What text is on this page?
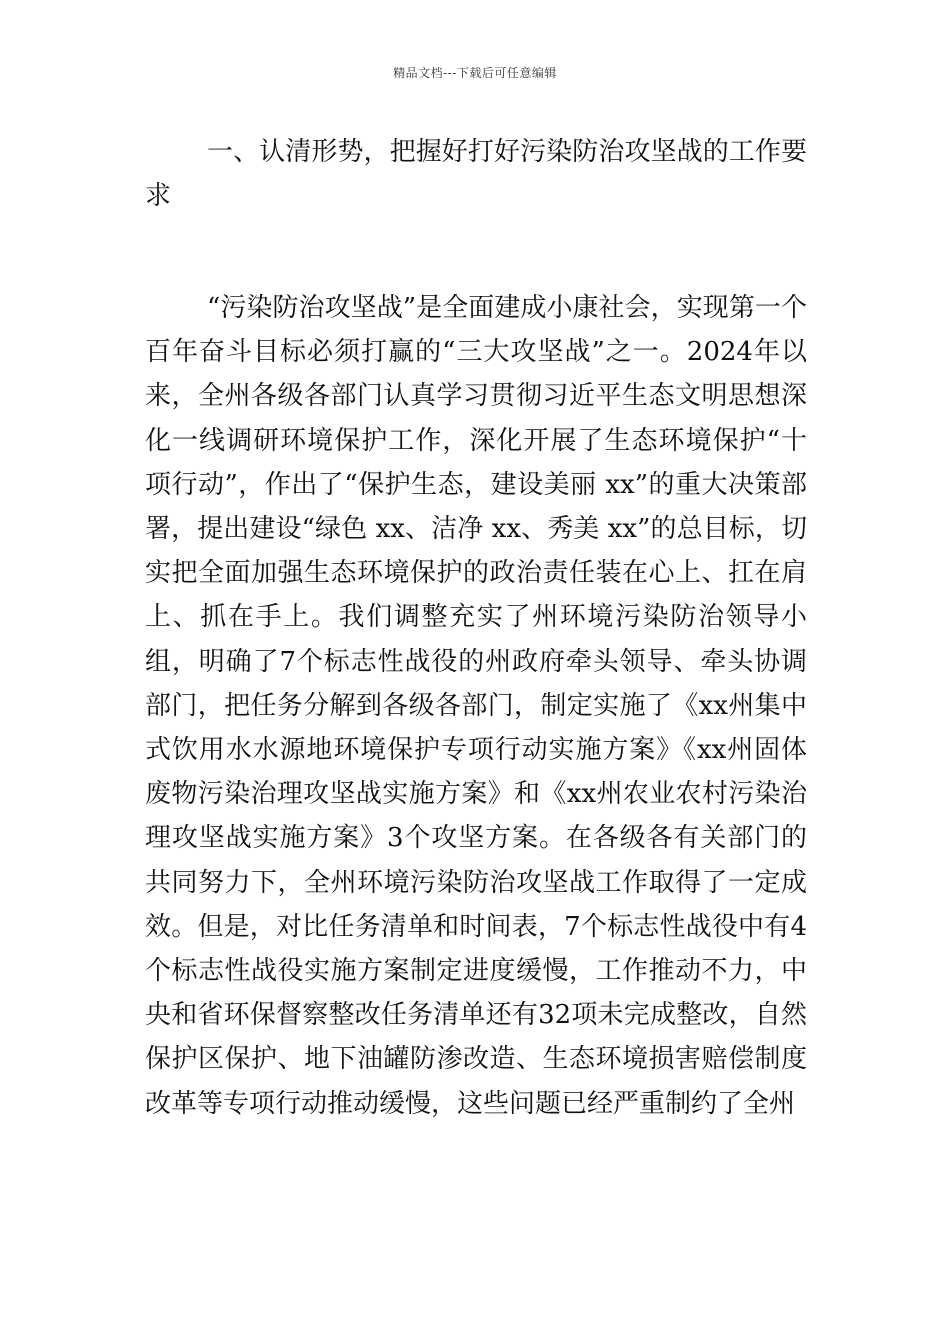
精品文档---下载后可任意编辑

一、认清形势，把握好打好污染防治攻坚战的工作要求

“污染防治攻坚战”是全面建成小康社会，实现第一个百年奋斗目标必须打赢的“三大攻坚战”之一。2024年以来，全州各级各部门认真学习贯彻习近平生态文明思想深化一线调研环境保护工作，深化开展了生态环境保护“十项行动”，作出了“保护生态，建设美丽 xx”的重大决策部署，提出建设“绿色 xx、洁净 xx、秀美 xx”的总目标，切实把全面加强生态环境保护的政治责任装在心上、扛在肩上、抓在手上。我们调整充实了州环境污染防治领导小组，明确了7个标志性战役的州政府牵头领导、牵头协调部门，把任务分解到各级各部门，制定实施了《xx州集中式饮用水水源地环境保护专项行动实施方案》《xx州固体废物污染治理攻坚战实施方案》和《xx州农业农村污染治理攻坚战实施方案》3个攻坚方案。在各级各有关部门的共同努力下，全州环境污染防治攻坚战工作取得了一定成效。但是，对比任务清单和时间表，7个标志性战役中有4个标志性战役实施方案制定进度缓慢，工作推动不力，中央和省环保督察整改任务清单还有32项未完成整改，自然保护区保护、地下油罐防渗改造、生态环境损害赔偿制度改革等专项行动推动缓慢，这些问题已经严重制约了全州
